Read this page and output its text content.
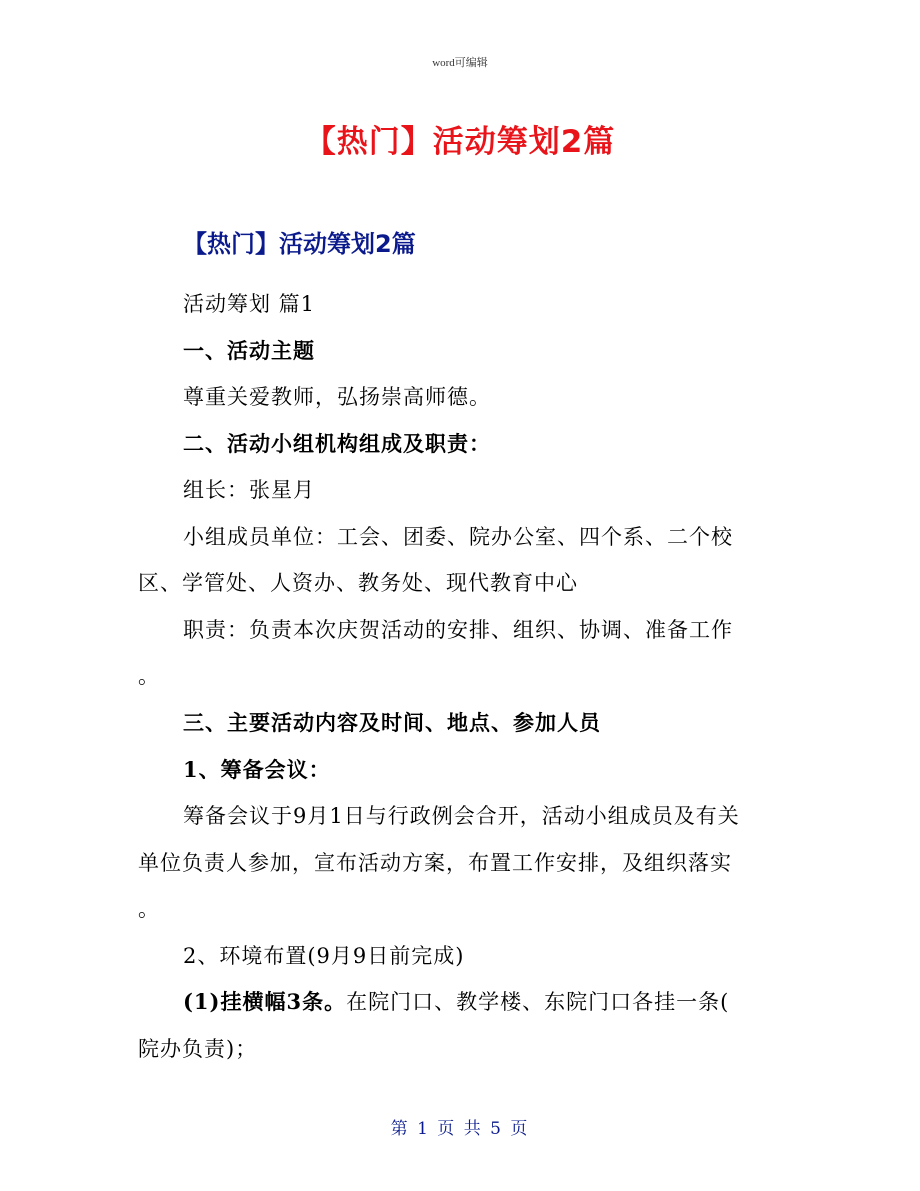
word可编辑
【热门】活动筹划2篇
【热门】活动筹划2篇
活动筹划 篇1
一、活动主题
尊重关爱教师，弘扬崇高师德。
二、活动小组机构组成及职责：
组长：张星月
小组成员单位：工会、团委、院办公室、四个系、二个校
区、学管处、人资办、教务处、现代教育中心
职责：负责本次庆贺活动的安排、组织、协调、准备工作
。
三、主要活动内容及时间、地点、参加人员
1、筹备会议：
筹备会议于9月1日与行政例会合开，活动小组成员及有关
单位负责人参加，宣布活动方案，布置工作安排，及组织落实
。
2、环境布置(9月9日前完成)
(1)挂横幅3条。在院门口、教学楼、东院门口各挂一条(
院办负责)；
第 1 页 共 5 页
